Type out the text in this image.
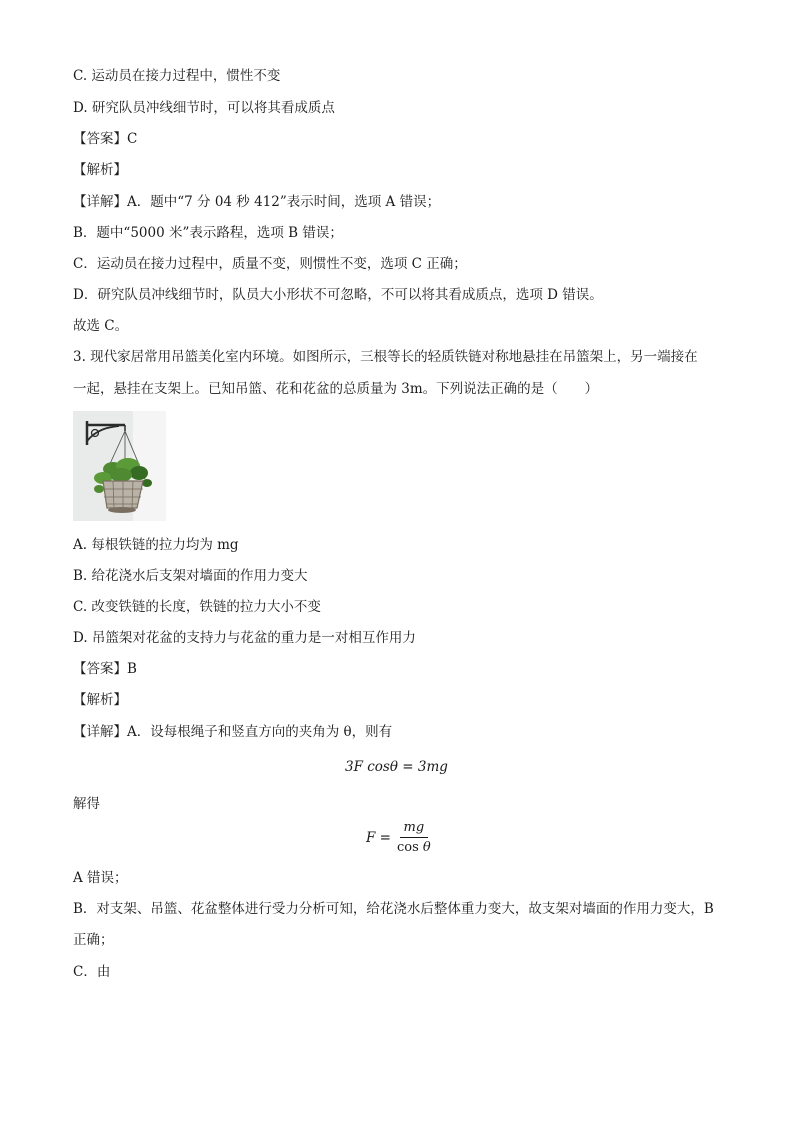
C. 运动员在接力过程中，惯性不变
D. 研究队员冲线细节时，可以将其看成质点
【答案】C
【解析】
【详解】A．题中“7 分 04 秒 412”表示时间，选项 A 错误；
B．题中“5000 米”表示路程，选项 B 错误；
C．运动员在接力过程中，质量不变，则惯性不变，选项 C 正确；
D．研究队员冲线细节时，队员大小形状不可忽略，不可以将其看成质点，选项 D 错误。
故选 C。
3. 现代家居常用吊篮美化室内环境。如图所示，三根等长的轻质铁链对称地悬挂在吊篮架上，另一端接在
一起，悬挂在支架上。已知吊篮、花和花盆的总质量为 3m。下列说法正确的是（　　）
A. 每根铁链的拉力均为 mg
B. 给花浇水后支架对墙面的作用力变大
C. 改变铁链的长度，铁链的拉力大小不变
D. 吊篮架对花盆的支持力与花盆的重力是一对相互作用力
【答案】B
【解析】
【详解】A．设每根绳子和竖直方向的夹角为 θ，则有
3F cosθ = 3mg
解得
$F = \frac{mg}{\text{cos θ}}$
A 错误；
B．对支架、吊篮、花盆整体进行受力分析可知，给花浇水后整体重力变大，故支架对墙面的作用力变大，B
正确；
C．由
